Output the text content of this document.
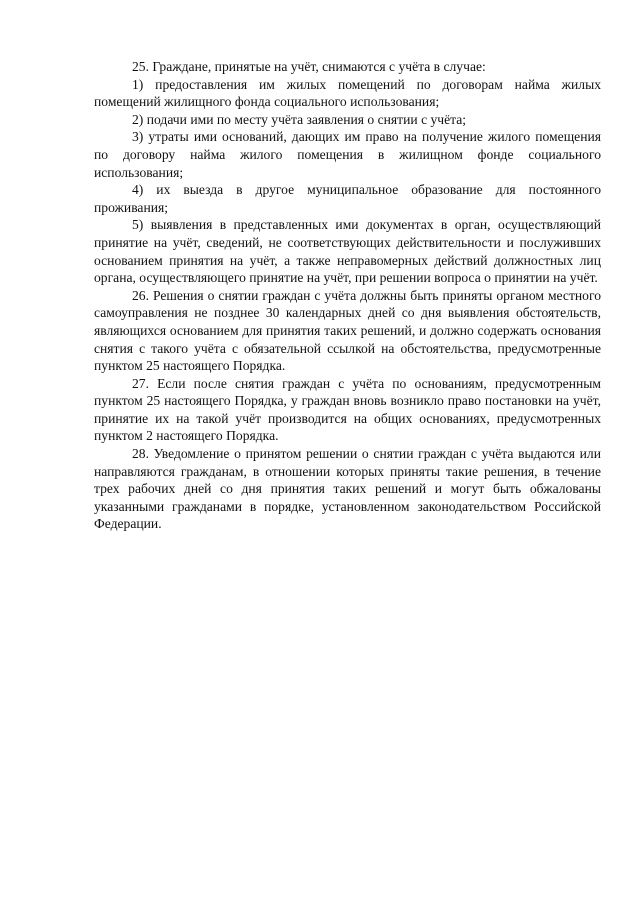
25. Граждане, принятые на учёт, снимаются с учёта в случае:

1) предоставления им жилых помещений по договорам найма жилых помещений жилищного фонда социального использования;

2) подачи ими по месту учёта заявления о снятии с учёта;

3) утраты ими оснований, дающих им право на получение жилого помещения по договору найма жилого помещения в жилищном фонде социального использования;

4) их выезда в другое муниципальное образование для постоянного проживания;

5) выявления в представленных ими документах в орган, осуществляющий принятие на учёт, сведений, не соответствующих действительности и послуживших основанием принятия на учёт, а также неправомерных действий должностных лиц органа, осуществляющего принятие на учёт, при решении вопроса о принятии на учёт.

26. Решения о снятии граждан с учёта должны быть приняты органом местного самоуправления не позднее 30 календарных дней со дня выявления обстоятельств, являющихся основанием для принятия таких решений, и должно содержать основания снятия с такого учёта с обязательной ссылкой на обстоятельства, предусмотренные пунктом 25 настоящего Порядка.

27. Если после снятия граждан с учёта по основаниям, предусмотренным пунктом 25 настоящего Порядка, у граждан вновь возникло право постановки на учёт, принятие их на такой учёт производится на общих основаниях, предусмотренных пунктом 2 настоящего Порядка.

28. Уведомление о принятом решении о снятии граждан с учёта выдаются или направляются гражданам, в отношении которых приняты такие решения, в течение трех рабочих дней со дня принятия таких решений и могут быть обжалованы указанными гражданами в порядке, установленном законодательством Российской Федерации.
